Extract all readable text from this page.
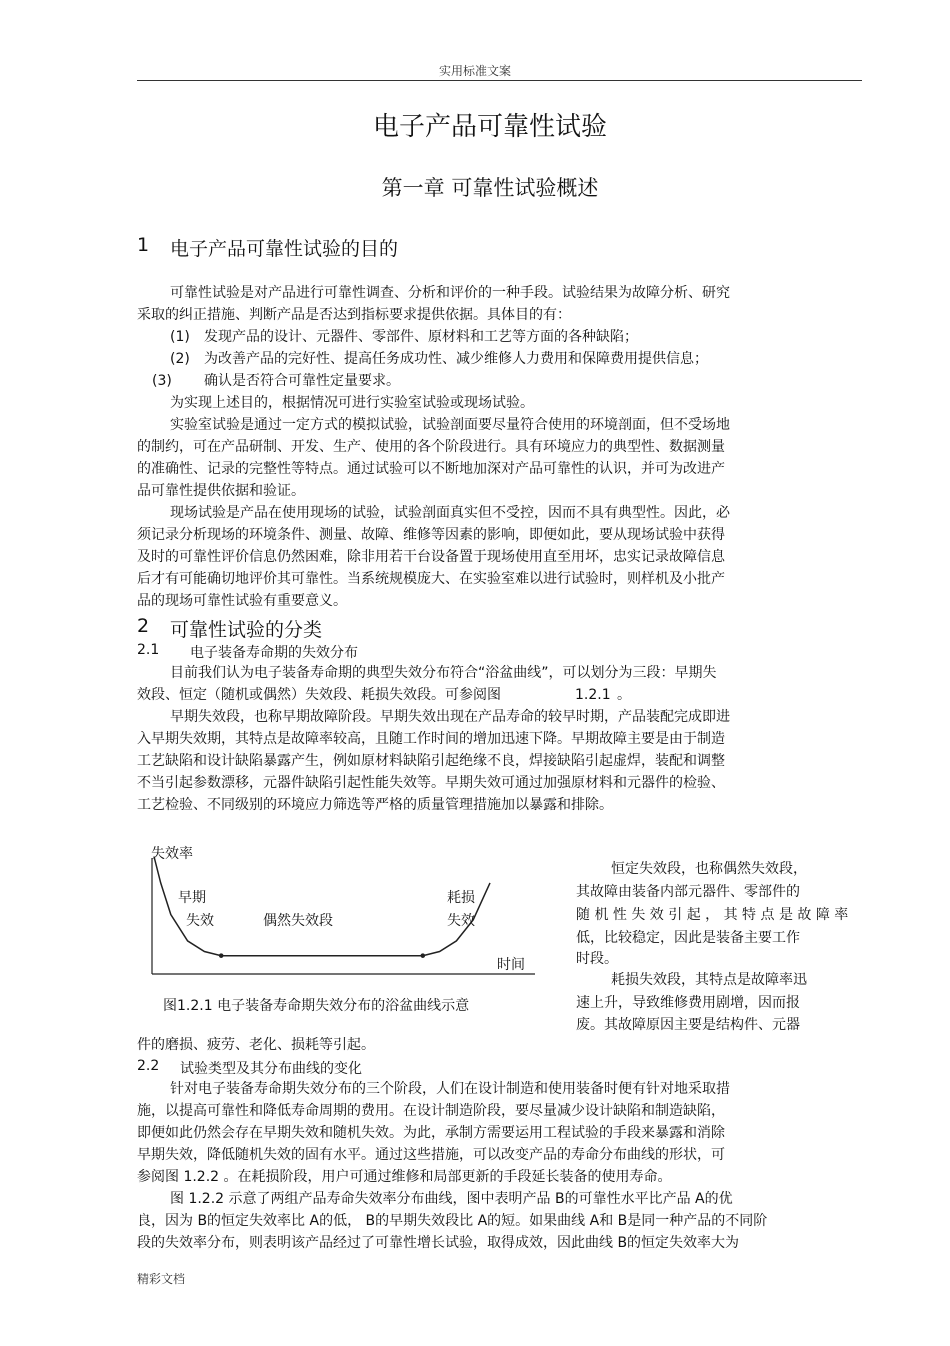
实用标准文案
电子产品可靠性试验
第一章 可靠性试验概述
1 电子产品可靠性试验的目的
可靠性试验是对产品进行可靠性调查、分析和评价的一种手段。试验结果为故障分析、研究
采取的纠正措施、判断产品是否达到指标要求提供依据。具体目的有：
(1) 发现产品的设计、元器件、零部件、原材料和工艺等方面的各种缺陷；
(2) 为改善产品的完好性、提高任务成功性、减少维修人力费用和保障费用提供信息；
(3) 确认是否符合可靠性定量要求。
为实现上述目的，根据情况可进行实验室试验或现场试验。
实验室试验是通过一定方式的模拟试验，试验剖面要尽量符合使用的环境剖面，但不受场地
的制约，可在产品研制、开发、生产、使用的各个阶段进行。具有环境应力的典型性、数据测量
的准确性、记录的完整性等特点。通过试验可以不断地加深对产品可靠性的认识，并可为改进产
品可靠性提供依据和验证。
现场试验是产品在使用现场的试验，试验剖面真实但不受控，因而不具有典型性。因此，必
须记录分析现场的环境条件、测量、故障、维修等因素的影响，即便如此，要从现场试验中获得
及时的可靠性评价信息仍然困难，除非用若干台设备置于现场使用直至用坏，忠实记录故障信息
后才有可能确切地评价其可靠性。当系统规模庞大、在实验室难以进行试验时，则样机及小批产
品的现场可靠性试验有重要意义。
2 可靠性试验的分类
2.1 电子装备寿命期的失效分布
目前我们认为电子装备寿命期的典型失效分布符合“浴盆曲线”，可以划分为三段：早期失
效段、恒定（随机或偶然）失效段、耗损失效段。可参阅图	1.2.1 。
早期失效段，也称早期故障阶段。早期失效出现在产品寿命的较早时期，产品装配完成即进
入早期失效期，其特点是故障率较高，且随工作时间的增加迅速下降。早期故障主要是由于制造
工艺缺陷和设计缺陷暴露产生，例如原材料缺陷引起绝缘不良，焊接缺陷引起虚焊，装配和调整
不当引起参数漂移，元器件缺陷引起性能失效等。早期失效可通过加强原材料和元器件的检验、
工艺检验、不同级别的环境应力筛选等严格的质量管理措施加以暴露和排除。
失效率
早期
失效	偶然失效段
耗损
失效
时间
图1.2.1 电子装备寿命期失效分布的浴盆曲线示意
恒定失效段，也称偶然失效段，
其故障由装备内部元器件、零部件的
随 机 性 失 效 引 起 ， 其 特 点 是 故 障 率
低，比较稳定，因此是装备主要工作
时段。
耗损失效段，其特点是故障率迅
速上升，导致维修费用剧增，因而报
废。其故障原因主要是结构件、元器
件的磨损、疲劳、老化、损耗等引起。
2.2 试验类型及其分布曲线的变化
针对电子装备寿命期失效分布的三个阶段，人们在设计制造和使用装备时便有针对地采取措
施，以提高可靠性和降低寿命周期的费用。在设计制造阶段，要尽量减少设计缺陷和制造缺陷，
即便如此仍然会存在早期失效和随机失效。为此，承制方需要运用工程试验的手段来暴露和消除
早期失效，降低随机失效的固有水平。通过这些措施，可以改变产品的寿命分布曲线的形状，可
参阅图 1.2.2 。在耗损阶段，用户可通过维修和局部更新的手段延长装备的使用寿命。
图 1.2.2 示意了两组产品寿命失效率分布曲线，图中表明产品 B的可靠性水平比产品 A的优
良，因为 B的恒定失效率比 A的低， B的早期失效段比 A的短。如果曲线 A和 B是同一种产品的不同阶
段的失效率分布，则表明该产品经过了可靠性增长试验，取得成效，因此曲线 B的恒定失效率大为
精彩文档
